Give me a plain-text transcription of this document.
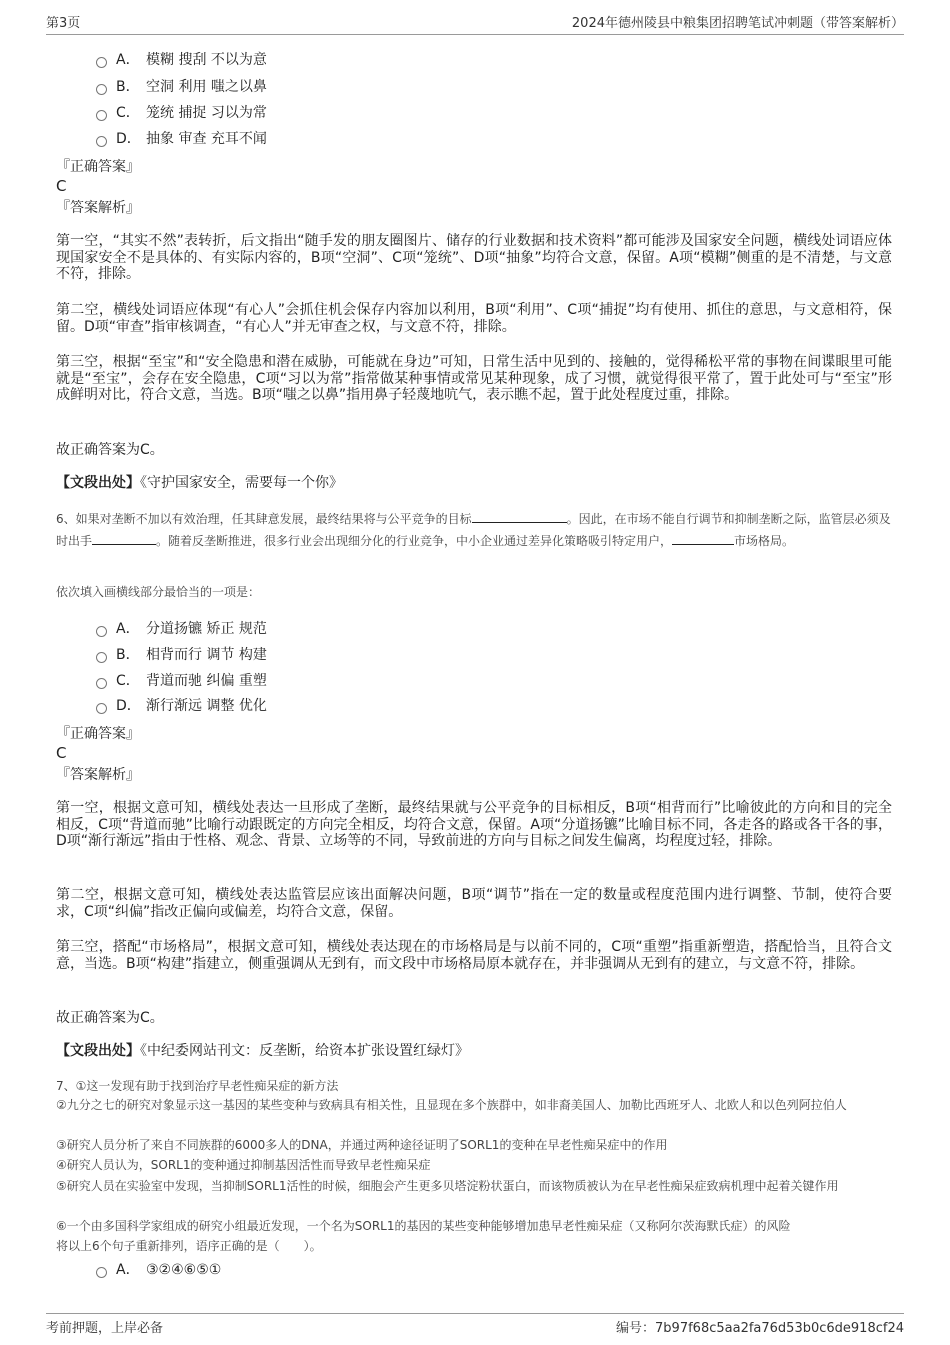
第3页	2024年德州陵县中粮集团招聘笔试冲刺题（带答案解析）
A． 模糊 搜刮 不以为意
B． 空洞 利用 嗤之以鼻
C． 笼统 捕捉 习以为常
D． 抽象 审查 充耳不闻
『正确答案』
C
『答案解析』
第一空，“其实不然”表转折，后文指出“随手发的朋友圈图片、储存的行业数据和技术资料”都可能涉及国家安全问题，横线处词语应体现国家安全不是具体的、有实际内容的，B项“空洞”、C项“笼统”、D项“抽象”均符合文意，保留。A项“模糊”侧重的是不清楚，与文意不符，排除。
第二空，横线处词语应体现“有心人”会抓住机会保存内容加以利用，B项“利用”、C项“捕捉”均有使用、抓住的意思，与文意相符，保留。D项“审查”指审核调查，“有心人”并无审查之权，与文意不符，排除。
第三空，根据“至宝”和“安全隐患和潜在威胁，可能就在身边”可知，日常生活中见到的、接触的，觉得稀松平常的事物在间谍眼里可能就是“至宝”，会存在安全隐患，C项“习以为常”指常做某种事情或常见某种现象，成了习惯，就觉得很平常了，置于此处可与“至宝”形成鲜明对比，符合文意，当选。B项“嗤之以鼻”指用鼻子轻蔑地吭气，表示瞧不起，置于此处程度过重，排除。
故正确答案为C。
【文段出处】《守护国家安全，需要每一个你》
6、如果对垄断不加以有效治理，任其肆意发展，最终结果将与公平竞争的目标	。因此，在市场不能自行调节和抑制垄断之际，监管层必须及时出手	。随着反垄断推进，很多行业会出现细分化的行业竞争，中小企业通过差异化策略吸引特定用户，	市场格局。
依次填入画横线部分最恰当的一项是：
A． 分道扬镳 矫正 规范
B． 相背而行 调节 构建
C． 背道而驰 纠偏 重塑
D． 渐行渐远 调整 优化
『正确答案』
C
『答案解析』
第一空，根据文意可知，横线处表达一旦形成了垄断，最终结果就与公平竞争的目标相反，B项“相背而行”比喻彼此的方向和目的完全相反，C项“背道而驰”比喻行动跟既定的方向完全相反，均符合文意，保留。A项“分道扬镳”比喻目标不同，各走各的路或各干各的事，D项“渐行渐远”指由于性格、观念、背景、立场等的不同，导致前进的方向与目标之间发生偏离，均程度过轻，排除。
第二空，根据文意可知，横线处表达监管层应该出面解决问题，B项“调节”指在一定的数量或程度范围内进行调整、节制，使符合要求，C项“纠偏”指改正偏向或偏差，均符合文意，保留。
第三空，搭配“市场格局”，根据文意可知，横线处表达现在的市场格局是与以前不同的，C项“重塑”指重新塑造，搭配恰当，且符合文意，当选。B项“构建”指建立，侧重强调从无到有，而文段中市场格局原本就存在，并非强调从无到有的建立，与文意不符，排除。
故正确答案为C。
【文段出处】《中纪委网站刊文：反垄断，给资本扩张设置红绿灯》
7、①这一发现有助于找到治疗早老性痴呆症的新方法
②九分之七的研究对象显示这一基因的某些变种与致病具有相关性，且显现在多个族群中，如非裔美国人、加勒比西班牙人、北欧人和以色列阿拉伯人
③研究人员分析了来自不同族群的6000多人的DNA，并通过两种途径证明了SORL1的变种在早老性痴呆症中的作用
④研究人员认为，SORL1的变种通过抑制基因活性而导致早老性痴呆症
⑤研究人员在实验室中发现，当抑制SORL1活性的时候，细胞会产生更多贝塔淀粉状蛋白，而该物质被认为在早老性痴呆症致病机理中起着关键作用
⑥一个由多国科学家组成的研究小组最近发现，一个名为SORL1的基因的某些变种能够增加患早老性痴呆症（又称阿尔茨海默氏症）的风险
将以上6个句子重新排列，语序正确的是（　　）。
A． ③②④⑥⑤①
考前押题，上岸必备	编号：7b97f68c5aa2fa76d53b0c6de918cf24
